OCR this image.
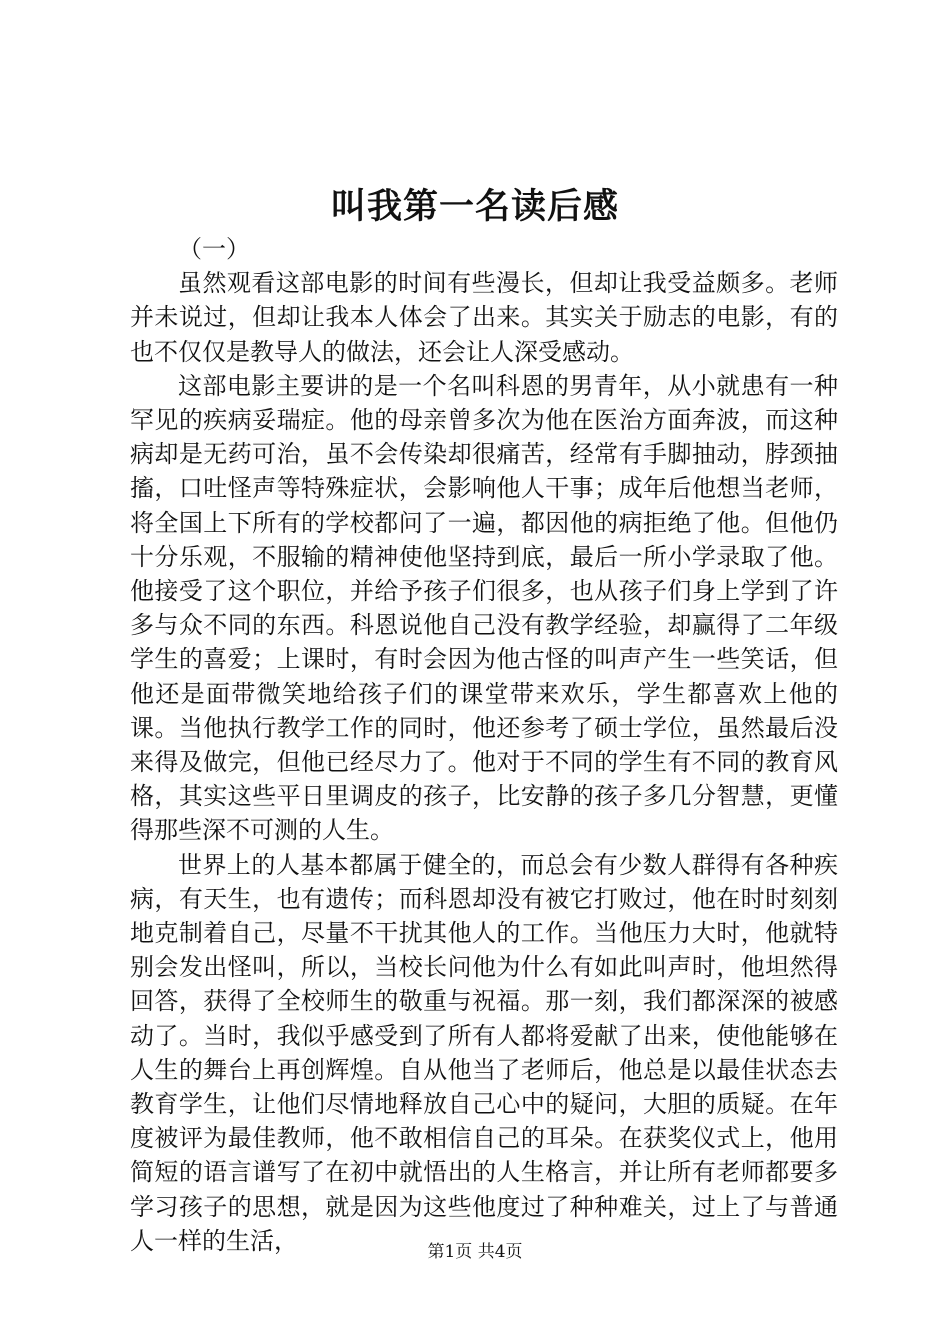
叫我第一名读后感

（一）

虽然观看这部电影的时间有些漫长，但却让我受益颇多。老师并未说过，但却让我本人体会了出来。其实关于励志的电影，有的也不仅仅是教导人的做法，还会让人深受感动。

这部电影主要讲的是一个名叫科恩的男青年，从小就患有一种罕见的疾病妥瑞症。他的母亲曾多次为他在医治方面奔波，而这种病却是无药可治，虽不会传染却很痛苦，经常有手脚抽动，脖颈抽搐，口吐怪声等特殊症状，会影响他人干事；成年后他想当老师，将全国上下所有的学校都问了一遍，都因他的病拒绝了他。但他仍十分乐观，不服输的精神使他坚持到底，最后一所小学录取了他。他接受了这个职位，并给予孩子们很多，也从孩子们身上学到了许多与众不同的东西。科恩说他自己没有教学经验，却赢得了二年级学生的喜爱；上课时，有时会因为他古怪的叫声产生一些笑话，但他还是面带微笑地给孩子们的课堂带来欢乐，学生都喜欢上他的课。当他执行教学工作的同时，他还参考了硕士学位，虽然最后没来得及做完，但他已经尽力了。他对于不同的学生有不同的教育风格，其实这些平日里调皮的孩子，比安静的孩子多几分智慧，更懂得那些深不可测的人生。

世界上的人基本都属于健全的，而总会有少数人群得有各种疾病，有天生，也有遗传；而科恩却没有被它打败过，他在时时刻刻地克制着自己，尽量不干扰其他人的工作。当他压力大时，他就特别会发出怪叫，所以，当校长问他为什么有如此叫声时，他坦然得回答，获得了全校师生的敬重与祝福。那一刻，我们都深深的被感动了。当时，我似乎感受到了所有人都将爱献了出来，使他能够在人生的舞台上再创辉煌。自从他当了老师后，他总是以最佳状态去教育学生，让他们尽情地释放自己心中的疑问，大胆的质疑。在年度被评为最佳教师，他不敢相信自己的耳朵。在获奖仪式上，他用简短的语言谱写了在初中就悟出的人生格言，并让所有老师都要多学习孩子的思想，就是因为这些他度过了种种难关，过上了与普通人一样的生活，	第1页 共4页
